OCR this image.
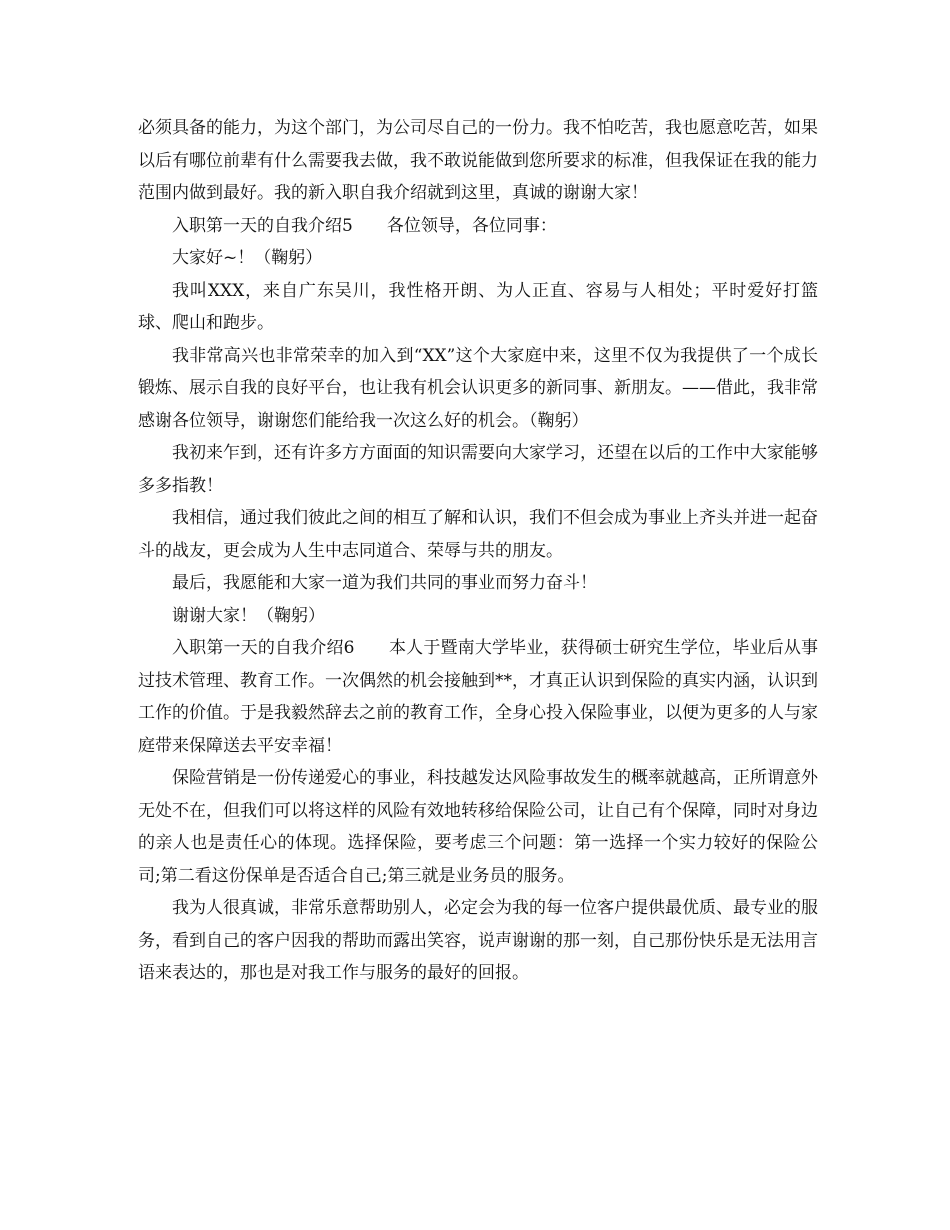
必须具备的能力，为这个部门，为公司尽自己的一份力。我不怕吃苦，我也愿意吃苦，如果以后有哪位前辈有什么需要我去做，我不敢说能做到您所要求的标准，但我保证在我的能力范围内做到最好。我的新入职自我介绍就到这里，真诚的谢谢大家！

入职第一天的自我介绍5　　各位领导，各位同事：

大家好~！（鞠躬）

我叫XXX，来自广东吴川，我性格开朗、为人正直、容易与人相处；平时爱好打篮球、爬山和跑步。

我非常高兴也非常荣幸的加入到“XX”这个大家庭中来，这里不仅为我提供了一个成长锻炼、展示自我的良好平台，也让我有机会认识更多的新同事、新朋友。——借此，我非常感谢各位领导，谢谢您们能给我一次这么好的机会。（鞠躬）

我初来乍到，还有许多方方面面的知识需要向大家学习，还望在以后的工作中大家能够多多指教！

我相信，通过我们彼此之间的相互了解和认识，我们不但会成为事业上齐头并进一起奋斗的战友，更会成为人生中志同道合、荣辱与共的朋友。

最后，我愿能和大家一道为我们共同的事业而努力奋斗！

谢谢大家！（鞠躬）

入职第一天的自我介绍6　　本人于暨南大学毕业，获得硕士研究生学位，毕业后从事过技术管理、教育工作。一次偶然的机会接触到**，才真正认识到保险的真实内涵，认识到工作的价值。于是我毅然辞去之前的教育工作，全身心投入保险事业，以便为更多的人与家庭带来保障送去平安幸福！

保险营销是一份传递爱心的事业，科技越发达风险事故发生的概率就越高，正所谓意外无处不在，但我们可以将这样的风险有效地转移给保险公司，让自己有个保障，同时对身边的亲人也是责任心的体现。选择保险，要考虑三个问题：第一选择一个实力较好的保险公司;第二看这份保单是否适合自己;第三就是业务员的服务。

我为人很真诚，非常乐意帮助别人，必定会为我的每一位客户提供最优质、最专业的服务，看到自己的客户因我的帮助而露出笑容，说声谢谢的那一刻，自己那份快乐是无法用言语来表达的，那也是对我工作与服务的最好的回报。
